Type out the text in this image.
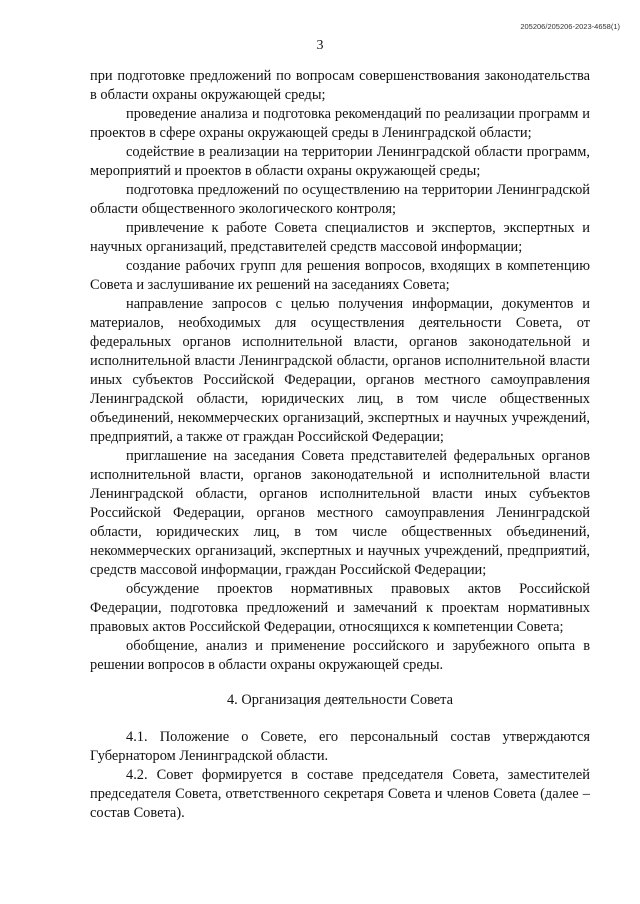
205206/205206-2023-4658(1)
3

при подготовке предложений по вопросам совершенствования законодательства в области охраны окружающей среды;

проведение анализа и подготовка рекомендаций по реализации программ и проектов в сфере охраны окружающей среды в Ленинградской области;

содействие в реализации на территории Ленинградской области программ, мероприятий и проектов в области охраны окружающей среды;

подготовка предложений по осуществлению на территории Ленинградской области общественного экологического контроля;

привлечение к работе Совета специалистов и экспертов, экспертных и научных организаций, представителей средств массовой информации;

создание рабочих групп для решения вопросов, входящих в компетенцию Совета и заслушивание их решений на заседаниях Совета;

направление запросов с целью получения информации, документов и материалов, необходимых для осуществления деятельности Совета, от федеральных органов исполнительной власти, органов законодательной и исполнительной власти Ленинградской области, органов исполнительной власти иных субъектов Российской Федерации, органов местного самоуправления Ленинградской области, юридических лиц, в том числе общественных объединений, некоммерческих организаций, экспертных и научных учреждений, предприятий, а также от граждан Российской Федерации;

приглашение на заседания Совета представителей федеральных органов исполнительной власти, органов законодательной и исполнительной власти Ленинградской области, органов исполнительной власти иных субъектов Российской Федерации, органов местного самоуправления Ленинградской области, юридических лиц, в том числе общественных объединений, некоммерческих организаций, экспертных и научных учреждений, предприятий, средств массовой информации, граждан Российской Федерации;

обсуждение проектов нормативных правовых актов Российской Федерации, подготовка предложений и замечаний к проектам нормативных правовых актов Российской Федерации, относящихся к компетенции Совета;

обобщение, анализ и применение российского и зарубежного опыта в решении вопросов в области охраны окружающей среды.

4. Организация деятельности Совета

4.1. Положение о Совете, его персональный состав утверждаются Губернатором Ленинградской области.

4.2. Совет формируется в составе председателя Совета, заместителей председателя Совета, ответственного секретаря Совета и членов Совета (далее – состав Совета).
